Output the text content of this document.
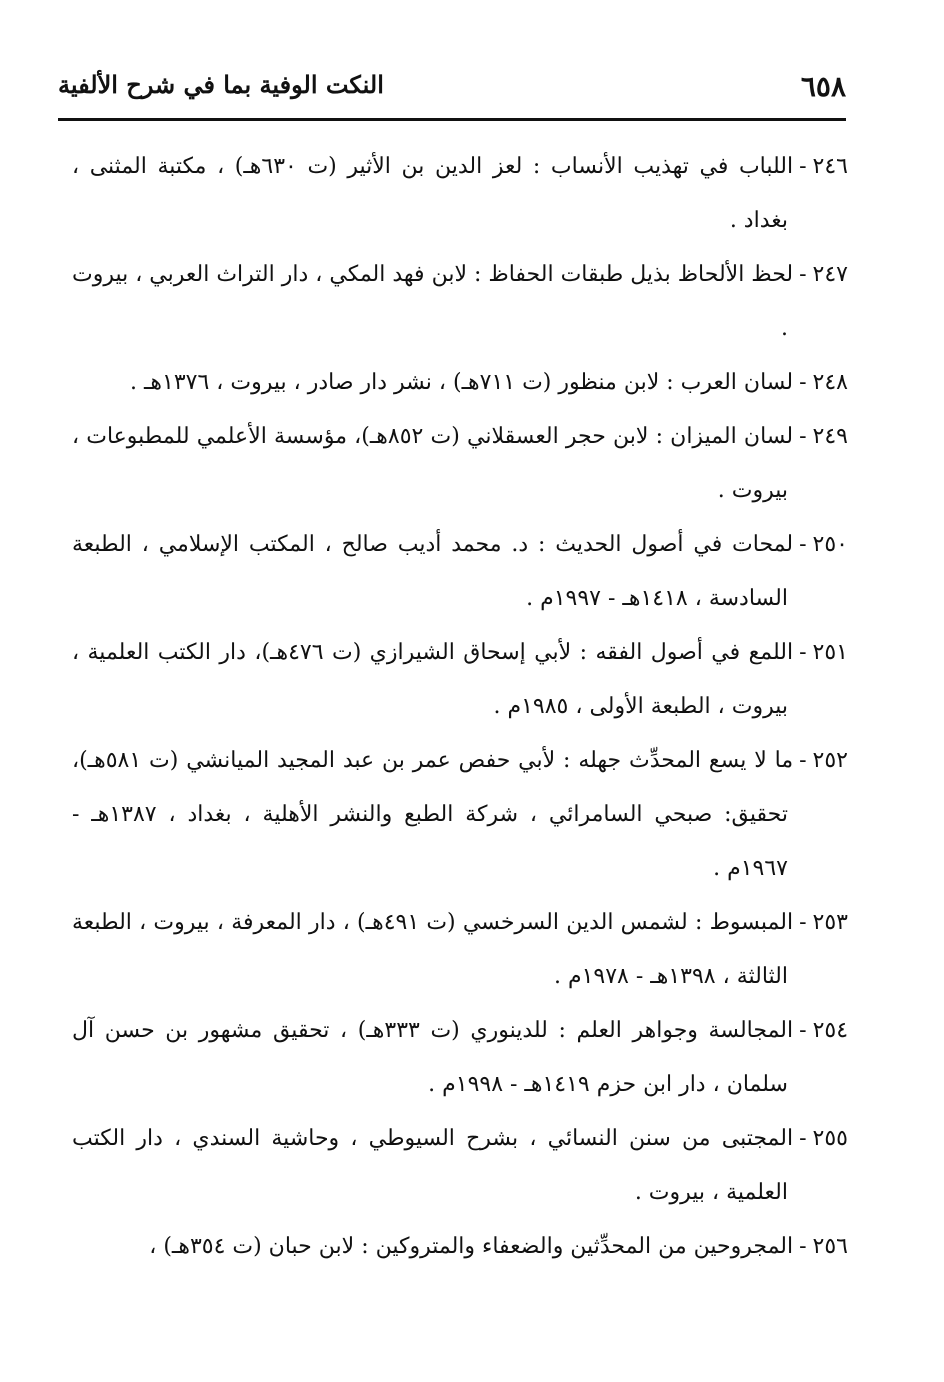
٦٥٨
النكت الوفية بما في شرح الألفية

٢٤٦-اللباب في تهذيب الأنساب : لعز الدين بن الأثير (ت ٦٣٠هـ) ، مكتبة المثنى ، بغداد .

٢٤٧-لحظ الألحاظ بذيل طبقات الحفاظ : لابن فهد المكي ، دار التراث العربي ، بيروت .

٢٤٨-لسان العرب : لابن منظور (ت ٧١١هـ) ، نشر دار صادر ، بيروت ، ١٣٧٦هـ .

٢٤٩-لسان الميزان : لابن حجر العسقلاني (ت ٨٥٢هـ)، مؤسسة الأعلمي للمطبوعات ، بيروت .

٢٥٠-لمحات في أصول الحديث : د. محمد أديب صالح ، المكتب الإسلامي ، الطبعة السادسة ، ١٤١٨هـ - ١٩٩٧م .

٢٥١-اللمع في أصول الفقه : لأبي إسحاق الشيرازي (ت ٤٧٦هـ)، دار الكتب العلمية ، بيروت ، الطبعة الأولى ، ١٩٨٥م .

٢٥٢-ما لا يسع المحدِّث جهله : لأبي حفص عمر بن عبد المجيد الميانشي (ت ٥٨١هـ)، تحقيق: صبحي السامرائي ، شركة الطبع والنشر الأهلية ، بغداد ، ١٣٨٧هـ - ١٩٦٧م .

٢٥٣-المبسوط : لشمس الدين السرخسي (ت ٤٩١هـ) ، دار المعرفة ، بيروت ، الطبعة الثالثة ، ١٣٩٨هـ - ١٩٧٨م .

٢٥٤-المجالسة وجواهر العلم : للدينوري (ت ٣٣٣هـ) ، تحقيق مشهور بن حسن آل سلمان ، دار ابن حزم ١٤١٩هـ - ١٩٩٨م .

٢٥٥-المجتبى من سنن النسائي ، بشرح السيوطي ، وحاشية السندي ، دار الكتب العلمية ، بيروت .

٢٥٦-المجروحين من المحدِّثين والضعفاء والمتروكين : لابن حبان (ت ٣٥٤هـ) ،
